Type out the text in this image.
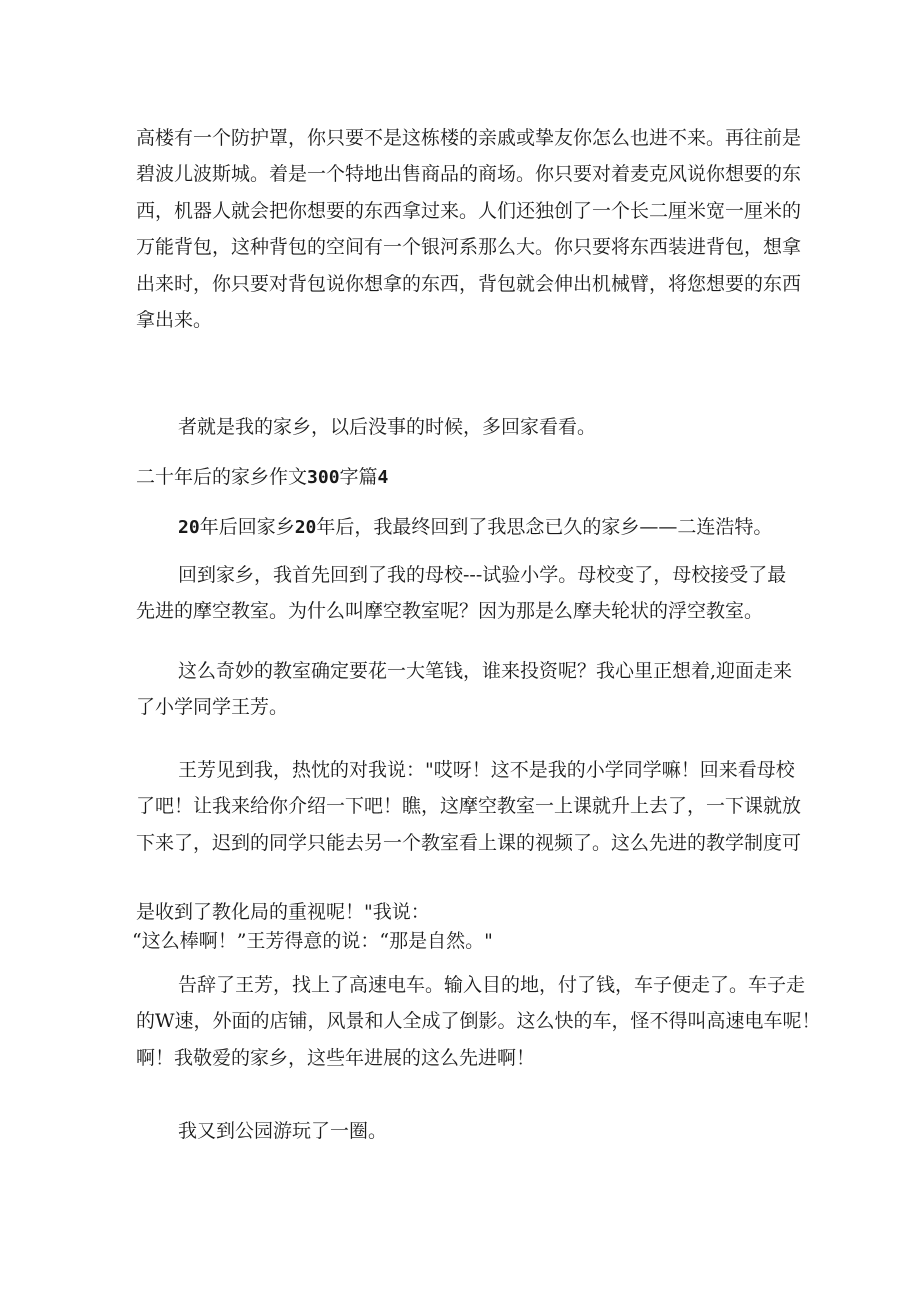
高楼有一个防护罩，你只要不是这栋楼的亲戚或挚友你怎么也进不来。再往前是
碧波儿波斯城。着是一个特地出售商品的商场。你只要对着麦克风说你想要的东
西，机器人就会把你想要的东西拿过来。人们还独创了一个长二厘米宽一厘米的
万能背包，这种背包的空间有一个银河系那么大。你只要将东西装进背包，想拿
出来时，你只要对背包说你想拿的东西，背包就会伸出机械臂，将您想要的东西
拿出来。

者就是我的家乡，以后没事的时候，多回家看看。

二十年后的家乡作文300字篇4

20年后回家乡20年后，我最终回到了我思念已久的家乡——二连浩特。

回到家乡，我首先回到了我的母校---试验小学。母校变了，母校接受了最
先进的摩空教室。为什么叫摩空教室呢？因为那是么摩夫轮状的浮空教室。

这么奇妙的教室确定要花一大笔钱，谁来投资呢？我心里正想着,迎面走来
了小学同学王芳。

王芳见到我，热忱的对我说："哎呀！这不是我的小学同学嘛！回来看母校
了吧！让我来给你介绍一下吧！瞧，这摩空教室一上课就升上去了，一下课就放
下来了，迟到的同学只能去另一个教室看上课的视频了。这么先进的教学制度可

是收到了教化局的重视呢！"我说：

“这么棒啊！”王芳得意的说：“那是自然。"

告辞了王芳，找上了高速电车。输入目的地，付了钱，车子便走了。车子走
的W速，外面的店铺，风景和人全成了倒影。这么快的车，怪不得叫高速电车呢！
啊！我敬爱的家乡，这些年进展的这么先进啊！

我又到公园游玩了一圈。
